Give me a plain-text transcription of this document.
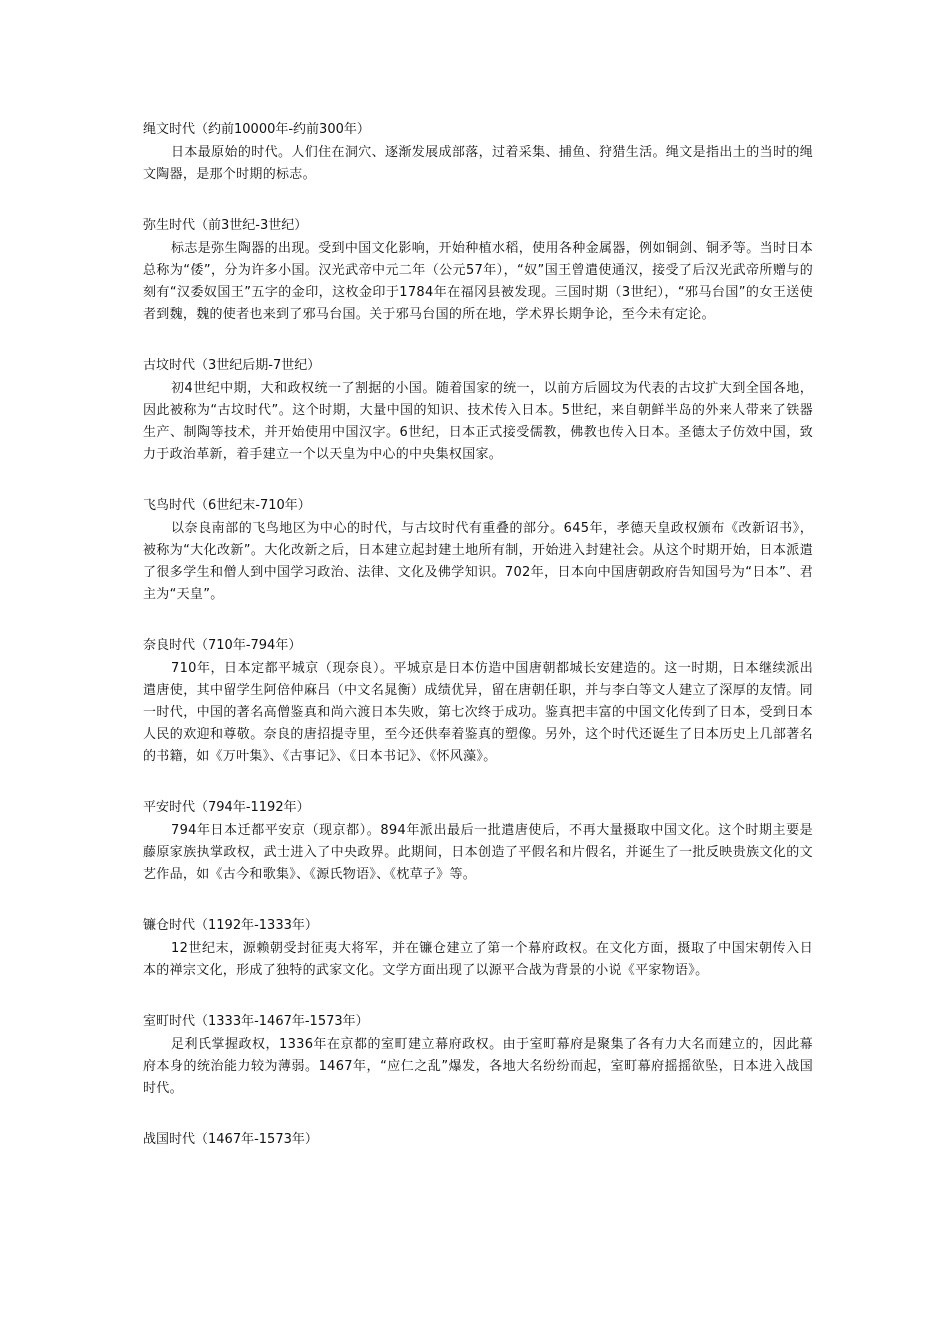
绳文时代（约前10000年-约前300年）

日本最原始的时代。人们住在洞穴、逐渐发展成部落，过着采集、捕鱼、狩猎生活。绳文是指出土的当时的绳文陶器，是那个时期的标志。

弥生时代（前3世纪-3世纪）

标志是弥生陶器的出现。受到中国文化影响，开始种植水稻，使用各种金属器，例如铜剑、铜矛等。当时日本总称为“倭”，分为许多小国。汉光武帝中元二年（公元57年），“奴”国王曾遣使通汉，接受了后汉光武帝所赠与的刻有“汉委奴国王”五字的金印，这枚金印于1784年在福冈县被发现。三国时期（3世纪），“邪马台国”的女王送使者到魏，魏的使者也来到了邪马台国。关于邪马台国的所在地，学术界长期争论，至今未有定论。

古坟时代（3世纪后期-7世纪）

初4世纪中期，大和政权统一了割据的小国。随着国家的统一，以前方后圆坟为代表的古坟扩大到全国各地，因此被称为“古坟时代”。这个时期，大量中国的知识、技术传入日本。5世纪，来自朝鲜半岛的外来人带来了铁器生产、制陶等技术，并开始使用中国汉字。6世纪，日本正式接受儒教，佛教也传入日本。圣德太子仿效中国，致力于政治革新，着手建立一个以天皇为中心的中央集权国家。

飞鸟时代（6世纪末-710年）

以奈良南部的飞鸟地区为中心的时代，与古坟时代有重叠的部分。645年，孝德天皇政权颁布《改新诏书》，被称为“大化改新”。大化改新之后，日本建立起封建土地所有制，开始进入封建社会。从这个时期开始，日本派遣了很多学生和僧人到中国学习政治、法律、文化及佛学知识。702年，日本向中国唐朝政府告知国号为“日本”、君主为“天皇”。

奈良时代（710年-794年）

710年，日本定都平城京（现奈良）。平城京是日本仿造中国唐朝都城长安建造的。这一时期，日本继续派出遣唐使，其中留学生阿倍仲麻吕（中文名晁衡）成绩优异，留在唐朝任职，并与李白等文人建立了深厚的友情。同一时代，中国的著名高僧鉴真和尚六渡日本失败，第七次终于成功。鉴真把丰富的中国文化传到了日本，受到日本人民的欢迎和尊敬。奈良的唐招提寺里，至今还供奉着鉴真的塑像。另外，这个时代还诞生了日本历史上几部著名的书籍，如《万叶集》、《古事记》、《日本书记》、《怀风藻》。

平安时代（794年-1192年）

794年日本迁都平安京（现京都）。894年派出最后一批遣唐使后，不再大量摄取中国文化。这个时期主要是藤原家族执掌政权，武士进入了中央政界。此期间，日本创造了平假名和片假名，并诞生了一批反映贵族文化的文艺作品，如《古今和歌集》、《源氏物语》、《枕草子》等。

镰仓时代（1192年-1333年）

12世纪末，源赖朝受封征夷大将军，并在镰仓建立了第一个幕府政权。在文化方面，摄取了中国宋朝传入日本的禅宗文化，形成了独特的武家文化。文学方面出现了以源平合战为背景的小说《平家物语》。

室町时代（1333年-1467年-1573年）

足利氏掌握政权，1336年在京都的室町建立幕府政权。由于室町幕府是聚集了各有力大名而建立的，因此幕府本身的统治能力较为薄弱。1467年，“应仁之乱”爆发，各地大名纷纷而起，室町幕府摇摇欲坠，日本进入战国时代。

战国时代（1467年-1573年）
